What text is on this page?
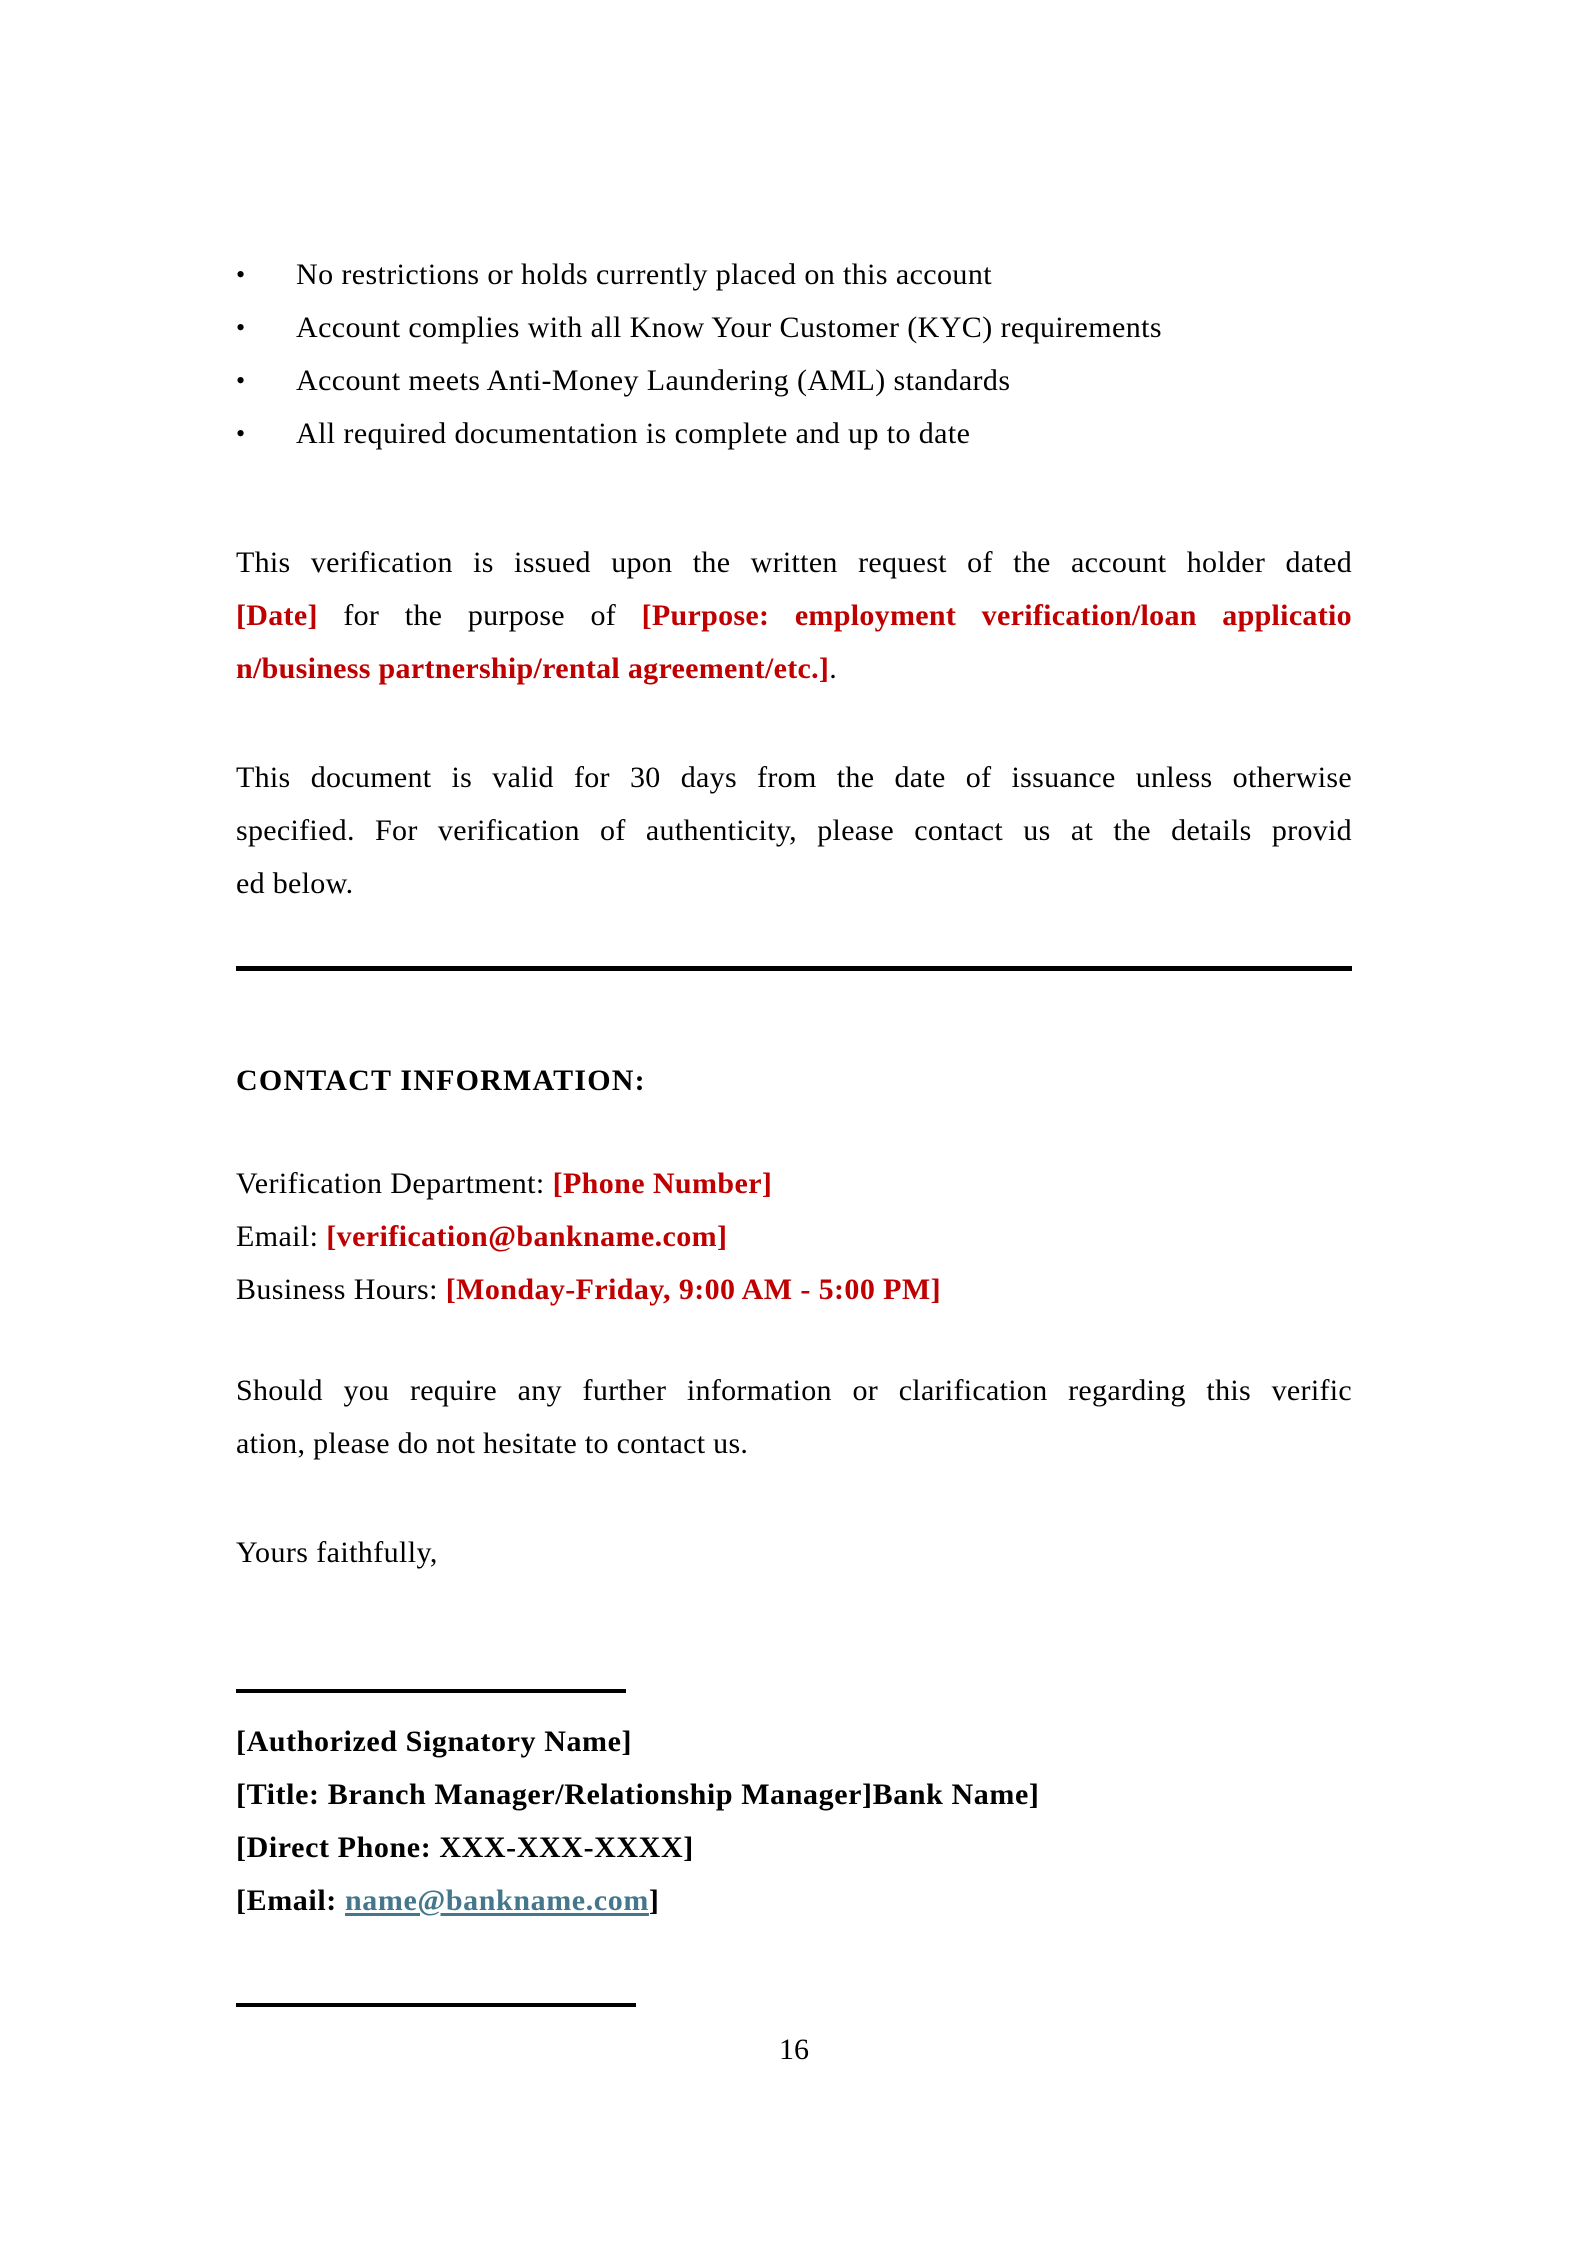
• No restrictions or holds currently placed on this account
• Account complies with all Know Your Customer (KYC) requirements
• Account meets Anti-Money Laundering (AML) standards
• All required documentation is complete and up to date

This verification is issued upon the written request of the account holder dated
[Date] for the purpose of [Purpose: employment verification/loan applicatio
n/business partnership/rental agreement/etc.].

This document is valid for 30 days from the date of issuance unless otherwise
specified. For verification of authenticity, please contact us at the details provid
ed below.

CONTACT INFORMATION:
Verification Department: [Phone Number]
Email: [verification@bankname.com]
Business Hours: [Monday-Friday, 9:00 AM - 5:00 PM]

Should you require any further information or clarification regarding this verific
ation, please do not hesitate to contact us.

Yours faithfully,
[Authorized Signatory Name]
[Title: Branch Manager/Relationship Manager]Bank Name]
[Direct Phone: XXX-XXX-XXXX]
[Email: name@bankname.com]
16
